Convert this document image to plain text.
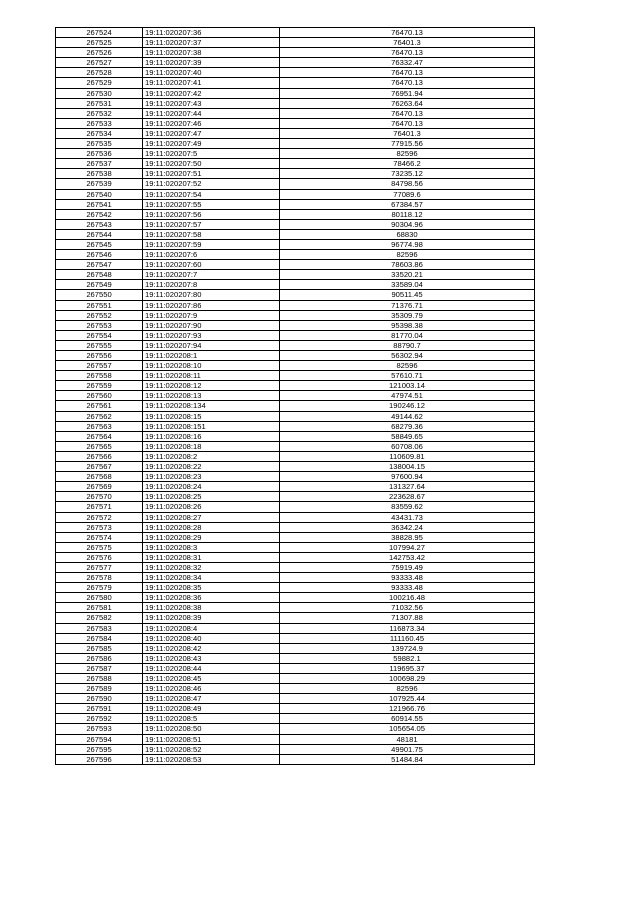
267524	19:11:020207:36	76470.13
267525	19:11:020207:37	76401.3
267526	19:11:020207:38	76470.13
267527	19:11:020207:39	76332.47
267528	19:11:020207:40	76470.13
267529	19:11:020207:41	76470.13
267530	19:11:020207:42	76951.94
267531	19:11:020207:43	76263.64
267532	19:11:020207:44	76470.13
267533	19:11:020207:46	76470.13
267534	19:11:020207:47	76401.3
267535	19:11:020207:49	77915.56
267536	19:11:020207:5	82596
267537	19:11:020207:50	78466.2
267538	19:11:020207:51	73235.12
267539	19:11:020207:52	84798.56
267540	19:11:020207:54	77089.6
267541	19:11:020207:55	67384.57
267542	19:11:020207:56	80118.12
267543	19:11:020207:57	90304.96
267544	19:11:020207:58	68830
267545	19:11:020207:59	96774.98
267546	19:11:020207:6	82596
267547	19:11:020207:60	78603.86
267548	19:11:020207:7	33520.21
267549	19:11:020207:8	33589.04
267550	19:11:020207:80	90511.45
267551	19:11:020207:86	71376.71
267552	19:11:020207:9	35309.79
267553	19:11:020207:90	95398.38
267554	19:11:020207:93	81770.04
267555	19:11:020207:94	88790.7
267556	19:11:020208:1	56302.94
267557	19:11:020208:10	82596
267558	19:11:020208:11	57610.71
267559	19:11:020208:12	121003.14
267560	19:11:020208:13	47974.51
267561	19:11:020208:134	190246.12
267562	19:11:020208:15	49144.62
267563	19:11:020208:151	68279.36
267564	19:11:020208:16	58849.65
267565	19:11:020208:18	60708.06
267566	19:11:020208:2	110609.81
267567	19:11:020208:22	138004.15
267568	19:11:020208:23	97600.94
267569	19:11:020208:24	131327.64
267570	19:11:020208:25	223628.67
267571	19:11:020208:26	83559.62
267572	19:11:020208:27	43431.73
267573	19:11:020208:28	36342.24
267574	19:11:020208:29	38828.95
267575	19:11:020208:3	107994.27
267576	19:11:020208:31	142753.42
267577	19:11:020208:32	75919.49
267578	19:11:020208:34	93333.48
267579	19:11:020208:35	93333.48
267580	19:11:020208:36	100216.48
267581	19:11:020208:38	71032.56
267582	19:11:020208:39	71307.88
267583	19:11:020208:4	116873.34
267584	19:11:020208:40	111160.45
267585	19:11:020208:42	139724.9
267586	19:11:020208:43	59882.1
267587	19:11:020208:44	119695.37
267588	19:11:020208:45	100698.29
267589	19:11:020208:46	82596
267590	19:11:020208:47	107925.44
267591	19:11:020208:49	121966.76
267592	19:11:020208:5	60914.55
267593	19:11:020208:50	105654.05
267594	19:11:020208:51	48181
267595	19:11:020208:52	49901.75
267596	19:11:020208:53	51484.84
